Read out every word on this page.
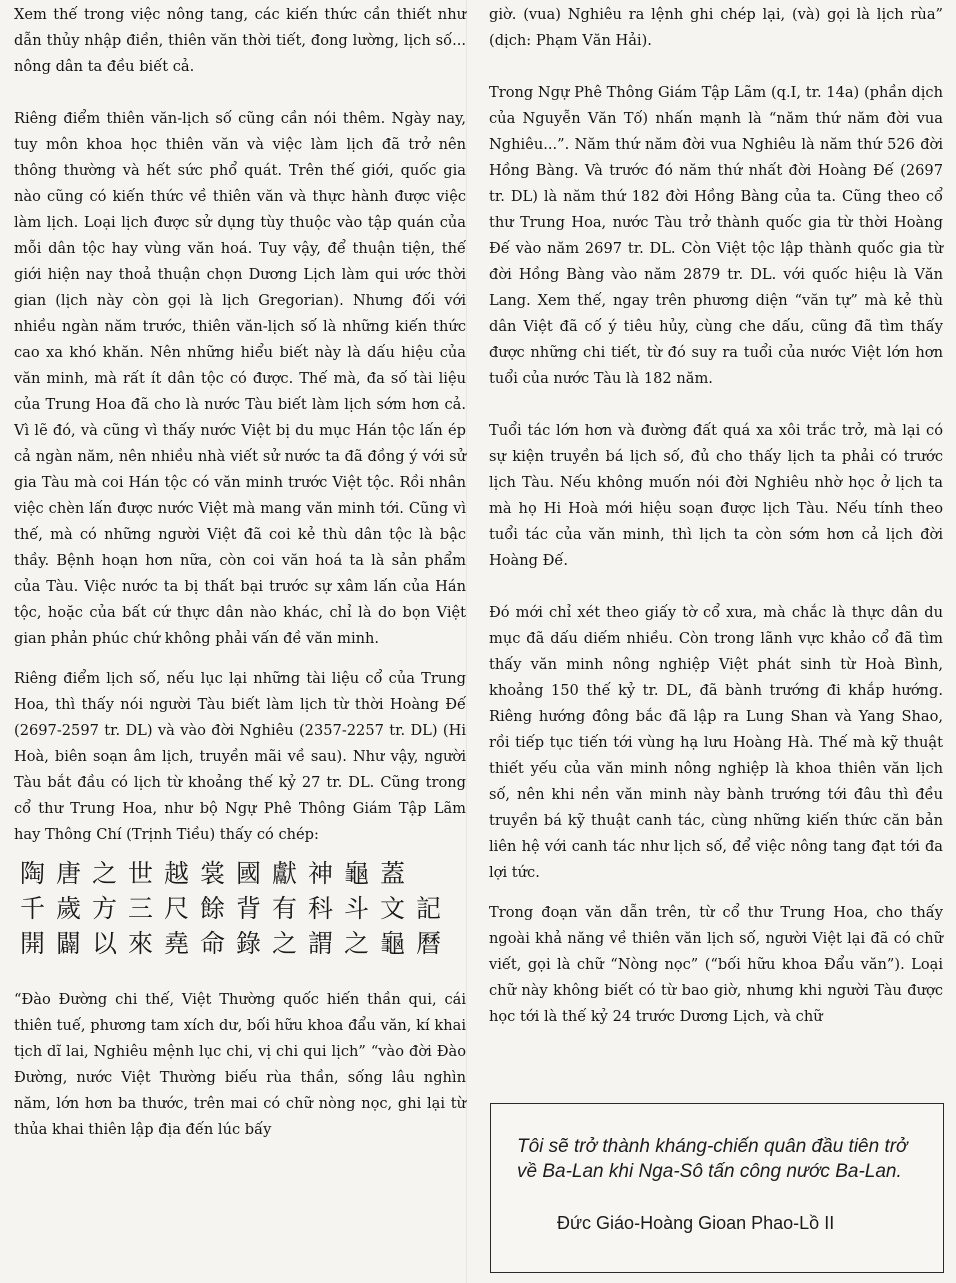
Xem thế trong việc nông tang, các kiến thức cần thiết như dẫn thủy nhập điền, thiên văn thời tiết, đong lường, lịch số... nông dân ta đều biết cả.

Riêng điểm thiên văn-lịch số cũng cần nói thêm. Ngày nay, tuy môn khoa học thiên văn và việc làm lịch đã trở nên thông thường và hết sức phổ quát. Trên thế giới, quốc gia nào cũng có kiến thức về thiên văn và thực hành được việc làm lịch. Loại lịch được sử dụng tùy thuộc vào tập quán của mỗi dân tộc hay vùng văn hoá. Tuy vậy, để thuận tiện, thế giới hiện nay thoả thuận chọn Dương Lịch làm qui ước thời gian (lịch này còn gọi là lịch Gregorian). Nhưng đối với nhiều ngàn năm trước, thiên văn-lịch số là những kiến thức cao xa khó khăn. Nên những hiểu biết này là dấu hiệu của văn minh, mà rất ít dân tộc có được. Thế mà, đa số tài liệu của Trung Hoa đã cho là nước Tàu biết làm lịch sớm hơn cả. Vì lẽ đó, và cũng vì thấy nước Việt bị du mục Hán tộc lấn ép cả ngàn năm, nên nhiều nhà viết sử nước ta đã đồng ý với sử gia Tàu mà coi Hán tộc có văn minh trước Việt tộc. Rồi nhân việc chèn lấn được nước Việt mà mang văn minh tới. Cũng vì thế, mà có những người Việt đã coi kẻ thù dân tộc là bậc thầy. Bệnh hoạn hơn nữa, còn coi văn hoá ta là sản phẩm của Tàu. Việc nước ta bị thất bại trước sự xâm lấn của Hán tộc, hoặc của bất cứ thực dân nào khác, chỉ là do bọn Việt gian phản phúc chứ không phải vấn đề văn minh.

Riêng điểm lịch số, nếu lục lại những tài liệu cổ của Trung Hoa, thì thấy nói người Tàu biết làm lịch từ thời Hoàng Đế (2697-2597 tr. DL) và vào đời Nghiêu (2357-2257 tr. DL) (Hi Hoà, biên soạn âm lịch, truyền mãi về sau). Như vậy, người Tàu bắt đầu có lịch từ khoảng thế kỷ 27 tr. DL. Cũng trong cổ thư Trung Hoa, như bộ Ngự Phê Thông Giám Tập Lãm hay Thông Chí (Trịnh Tiều) thấy có chép:

陶唐之世越裳國獻神龜蓋

千歲方三尺餘背有科斗文記

開闢以來堯命錄之謂之龜曆

“Đào Đường chi thế, Việt Thường quốc hiến thần qui, cái thiên tuế, phương tam xích dư, bối hữu khoa đẩu văn, kí khai tịch dĩ lai, Nghiêu mệnh lục chi, vị chi qui lịch” “vào đời Đào Đường, nước Việt Thường biếu rùa thần, sống lâu nghìn năm, lớn hơn ba thước, trên mai có chữ nòng nọc, ghi lại từ thủa khai thiên lập địa đến lúc bấy

giờ. (vua) Nghiêu ra lệnh ghi chép lại, (và) gọi là lịch rùa” (dịch: Phạm Văn Hải).

Trong Ngự Phê Thông Giám Tập Lãm (q.I, tr. 14a) (phần dịch của Nguyễn Văn Tố) nhấn mạnh là “năm thứ năm đời vua Nghiêu...”. Năm thứ năm đời vua Nghiêu là năm thứ 526 đời Hồng Bàng. Và trước đó năm thứ nhất đời Hoàng Đế (2697 tr. DL) là năm thứ 182 đời Hồng Bàng của ta. Cũng theo cổ thư Trung Hoa, nước Tàu trở thành quốc gia từ thời Hoàng Đế vào năm 2697 tr. DL. Còn Việt tộc lập thành quốc gia từ đời Hồng Bàng vào năm 2879 tr. DL. với quốc hiệu là Văn Lang. Xem thế, ngay trên phương diện “văn tự” mà kẻ thù dân Việt đã cố ý tiêu hủy, cùng che dấu, cũng đã tìm thấy được những chi tiết, từ đó suy ra tuổi của nước Việt lớn hơn tuổi của nước Tàu là 182 năm.

Tuổi tác lớn hơn và đường đất quá xa xôi trắc trở, mà lại có sự kiện truyền bá lịch số, đủ cho thấy lịch ta phải có trước lịch Tàu. Nếu không muốn nói đời Nghiêu nhờ học ở lịch ta mà họ Hi Hoà mới hiệu soạn được lịch Tàu. Nếu tính theo tuổi tác của văn minh, thì lịch ta còn sớm hơn cả lịch đời Hoàng Đế.

Đó mới chỉ xét theo giấy tờ cổ xưa, mà chắc là thực dân du mục đã dấu diếm nhiều. Còn trong lãnh vực khảo cổ đã tìm thấy văn minh nông nghiệp Việt phát sinh từ Hoà Bình, khoảng 150 thế kỷ tr. DL, đã bành trướng đi khắp hướng. Riêng hướng đông bắc đã lập ra Lung Shan và Yang Shao, rồi tiếp tục tiến tới vùng hạ lưu Hoàng Hà. Thế mà kỹ thuật thiết yếu của văn minh nông nghiệp là khoa thiên văn lịch số, nên khi nền văn minh này bành trướng tới đâu thì đều truyền bá kỹ thuật canh tác, cùng những kiến thức căn bản liên hệ với canh tác như lịch số, để việc nông tang đạt tới đa lợi tức.

Trong đoạn văn dẫn trên, từ cổ thư Trung Hoa, cho thấy ngoài khả năng về thiên văn lịch số, người Việt lại đã có chữ viết, gọi là chữ “Nòng nọc” (“bối hữu khoa Đẩu văn”). Loại chữ này không biết có từ bao giờ, nhưng khi người Tàu được học tới là thế kỷ 24 trước Dương Lịch, và chữ

Tôi sẽ trở thành kháng-chiến quân đầu tiên trở về Ba-Lan khi Nga-Sô tấn công nước Ba-Lan.

Đức Giáo-Hoàng Gioan Phao-Lồ II
